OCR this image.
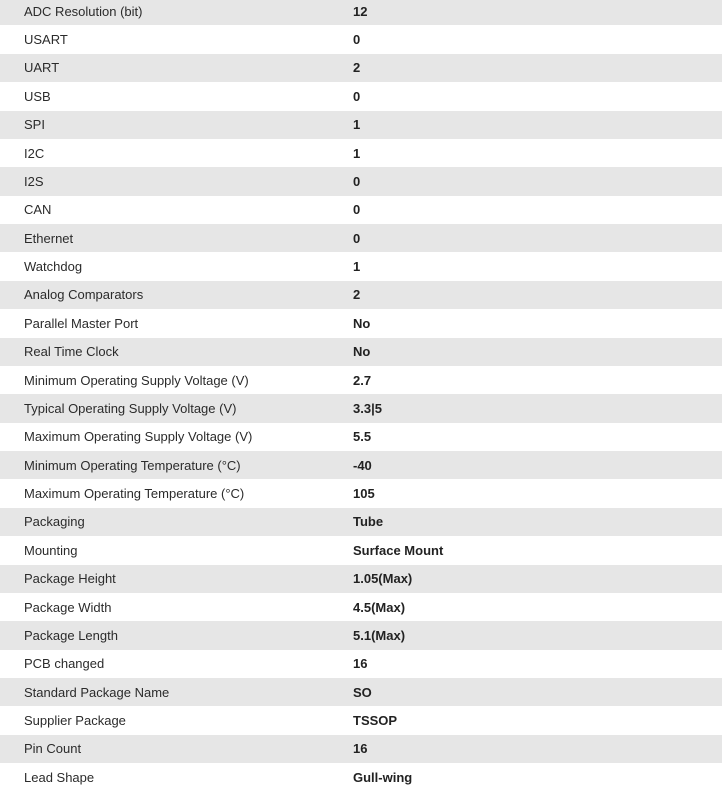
ADC Resolution (bit)	12
USART	0
UART	2
USB	0
SPI	1
I2C	1
I2S	0
CAN	0
Ethernet	0
Watchdog	1
Analog Comparators	2
Parallel Master Port	No
Real Time Clock	No
Minimum Operating Supply Voltage (V)	2.7
Typical Operating Supply Voltage (V)	3.3|5
Maximum Operating Supply Voltage (V)	5.5
Minimum Operating Temperature (°C)	-40
Maximum Operating Temperature (°C)	105
Packaging	Tube
Mounting	Surface Mount
Package Height	1.05(Max)
Package Width	4.5(Max)
Package Length	5.1(Max)
PCB changed	16
Standard Package Name	SO
Supplier Package	TSSOP
Pin Count	16
Lead Shape	Gull-wing
